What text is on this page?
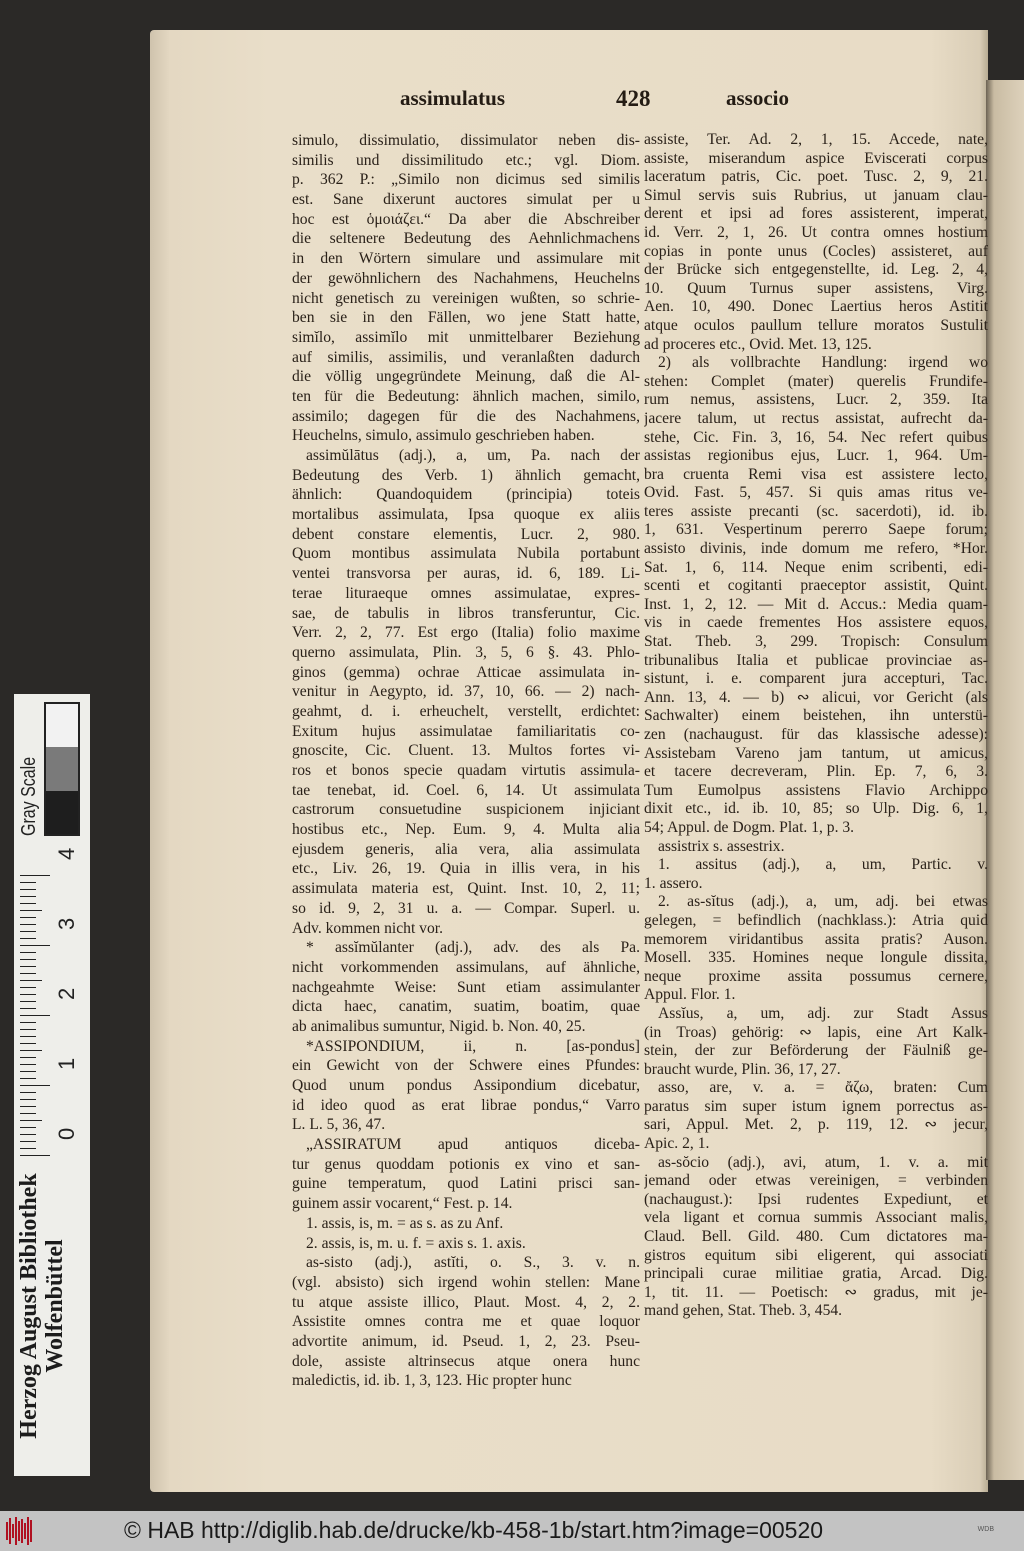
assimulatus	428	associo
simulo, dissimulatio, dissimulator neben dis-
similis und dissimilitudo etc.; vgl. Diom.
p. 362 P.: „Similo non dicimus sed similis
est. Sane dixerunt auctores simulat per u
hoc est ὁμοιάζει.“ Da aber die Abschreiber
die seltenere Bedeutung des Aehnlichmachens
in den Wörtern simulare und assimulare mit
der gewöhnlichern des Nachahmens, Heuchelns
nicht genetisch zu vereinigen wußten, so schrie-
ben sie in den Fällen, wo jene Statt hatte,
simĭlo, assimĭlo mit unmittelbarer Beziehung
auf similis, assimilis, und veranlaßten dadurch
die völlig ungegründete Meinung, daß die Al-
ten für die Bedeutung: ähnlich machen, similo,
assimilo; dagegen für die des Nachahmens,
Heuchelns, simulo, assimulo geschrieben haben.
assimŭlātus (adj.), a, um, Pa. nach der
Bedeutung des Verb. 1) ähnlich gemacht,
ähnlich: Quandoquidem (principia) toteis
mortalibus assimulata, Ipsa quoque ex aliis
debent constare elementis, Lucr. 2, 980.
Quom montibus assimulata Nubila portabunt
ventei transvorsa per auras, id. 6, 189. Li-
terae lituraeque omnes assimulatae, expres-
sae, de tabulis in libros transferuntur, Cic.
Verr. 2, 2, 77. Est ergo (Italia) folio maxime
querno assimulata, Plin. 3, 5, 6 §. 43. Phlo-
ginos (gemma) ochrae Atticae assimulata in-
venitur in Aegypto, id. 37, 10, 66. — 2) nach-
geahmt, d. i. erheuchelt, verstellt, erdichtet:
Exitum hujus assimulatae familiaritatis co-
gnoscite, Cic. Cluent. 13. Multos fortes vi-
ros et bonos specie quadam virtutis assimula-
tae tenebat, id. Coel. 6, 14. Ut assimulata
castrorum consuetudine suspicionem injiciant
hostibus etc., Nep. Eum. 9, 4. Multa alia
ejusdem generis, alia vera, alia assimulata
etc., Liv. 26, 19. Quia in illis vera, in his
assimulata materia est, Quint. Inst. 10, 2, 11;
so id. 9, 2, 31 u. a. — Compar. Superl. u.
Adv. kommen nicht vor.
* assĭmŭlanter (adj.), adv. des als Pa.
nicht vorkommenden assimulans, auf ähnliche,
nachgeahmte Weise: Sunt etiam assimulanter
dicta haec, canatim, suatim, boatim, quae
ab animalibus sumuntur, Nigid. b. Non. 40, 25.
*ASSIPONDIUM, ii, n. [as-pondus]
ein Gewicht von der Schwere eines Pfundes:
Quod unum pondus Assipondium dicebatur,
id ideo quod as erat librae pondus,“ Varro
L. L. 5, 36, 47.
„ASSIRATUM apud antiquos diceba-
tur genus quoddam potionis ex vino et san-
guine temperatum, quod Latini prisci san-
guinem assir vocarent,“ Fest. p. 14.
1. assis, is, m. = as s. as zu Anf.
2. assis, is, m. u. f. = axis s. 1. axis.
as-sisto (adj.), astĭti, o. S., 3. v. n.
(vgl. absisto) sich irgend wohin stellen: Mane
tu atque assiste illico, Plaut. Most. 4, 2, 2.
Assistite omnes contra me et quae loquor
advortite animum, id. Pseud. 1, 2, 23. Pseu-
dole, assiste altrinsecus atque onera hunc
maledictis, id. ib. 1, 3, 123. Hic propter hunc
assiste, Ter. Ad. 2, 1, 15. Accede, nate,
assiste, miserandum aspice Eviscerati corpus
laceratum patris, Cic. poet. Tusc. 2, 9, 21.
Simul servis suis Rubrius, ut januam clau-
derent et ipsi ad fores assisterent, imperat,
id. Verr. 2, 1, 26. Ut contra omnes hostium
copias in ponte unus (Cocles) assisteret, auf
der Brücke sich entgegenstellte, id. Leg. 2, 4,
10. Quum Turnus super assistens, Virg.
Aen. 10, 490. Donec Laertius heros Astitit
atque oculos paullum tellure moratos Sustulit
ad proceres etc., Ovid. Met. 13, 125.
2) als vollbrachte Handlung: irgend wo
stehen: Complet (mater) querelis Frundife-
rum nemus, assistens, Lucr. 2, 359. Ita
jacere talum, ut rectus assistat, aufrecht da-
stehe, Cic. Fin. 3, 16, 54. Nec refert quibus
assistas regionibus ejus, Lucr. 1, 964. Um-
bra cruenta Remi visa est assistere lecto,
Ovid. Fast. 5, 457. Si quis amas ritus ve-
teres assiste precanti (sc. sacerdoti), id. ib.
1, 631. Vespertinum pererro Saepe forum;
assisto divinis, inde domum me refero, *Hor.
Sat. 1, 6, 114. Neque enim scribenti, edi-
scenti et cogitanti praeceptor assistit, Quint.
Inst. 1, 2, 12. — Mit d. Accus.: Media quam-
vis in caede frementes Hos assistere equos,
Stat. Theb. 3, 299. Tropisch: Consulum
tribunalibus Italia et publicae provinciae as-
sistunt, i. e. comparent jura accepturi, Tac.
Ann. 13, 4. — b) ∾ alicui, vor Gericht (als
Sachwalter) einem beistehen, ihn unterstü-
zen (nachaugust. für das klassische adesse):
Assistebam Vareno jam tantum, ut amicus,
et tacere decreveram, Plin. Ep. 7, 6, 3.
Tum Eumolpus assistens Flavio Archippo
dixit etc., id. ib. 10, 85; so Ulp. Dig. 6, 1,
54; Appul. de Dogm. Plat. 1, p. 3.
assistrix s. assestrix.
1. assitus (adj.), a, um, Partic. v.
1. assero.
2. as-sĭtus (adj.), a, um, adj. bei etwas
gelegen, = befindlich (nachklass.): Atria quid
memorem viridantibus assita pratis? Auson.
Mosell. 335. Homines neque longule dissita,
neque proxime assita possumus cernere,
Appul. Flor. 1.
Assĭus, a, um, adj. zur Stadt Assus
(in Troas) gehörig: ∾ lapis, eine Art Kalk-
stein, der zur Beförderung der Fäulniß ge-
braucht wurde, Plin. 36, 17, 27.
asso, are, v. a. = ἄζω, braten: Cum
paratus sim super istum ignem porrectus as-
sari, Appul. Met. 2, p. 119, 12. ∾ jecur,
Apic. 2, 1.
as-sŏcio (adj.), avi, atum, 1. v. a. mit
jemand oder etwas vereinigen, = verbinden
(nachaugust.): Ipsi rudentes Expediunt, et
vela ligant et cornua summis Associant malis,
Claud. Bell. Gild. 480. Cum dictatores ma-
gistros equitum sibi eligerent, qui associati
principali curae militiae gratia, Arcad. Dig.
1, tit. 11. — Poetisch: ∾ gradus, mit je-
mand gehen, Stat. Theb. 3, 454.
Herzog August Bibliothek Wolfenbüttel
0
1
2
3
4
Gray Scale
© HAB http://diglib.hab.de/drucke/kb-458-1b/start.htm?image=00520	WDB
